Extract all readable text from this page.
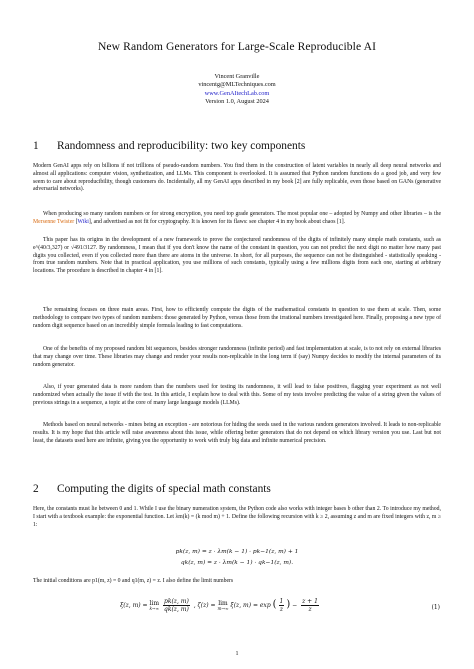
New Random Generators for Large-Scale Reproducible AI
Vincent Granville
vincentg@MLTechniques.com
www.GenAItechLab.com
Version 1.0, August 2024
1 Randomness and reproducibility: two key components
Modern GenAI apps rely on billions if not trillions of pseudo-random numbers. You find them in the construction of latent variables in nearly all deep neural networks and almost all applications: computer vision, synthetization, and LLMs. This component is overlooked. It is assumed that Python random functions do a good job, and very few seem to care about reproducibility, though customers do. Incidentally, all my GenAI apps described in my book [2] are fully replicable, even those based on GANs (generative adversarial networks).
When producing so many random numbers or for strong encryption, you need top grade generators. The most popular one – adopted by Numpy and other libraries – is the Mersenne Twister [Wiki], and advertised as not fit for cryptography. It is known for its flaws: see chapter 4 in my book about chaos [1].
This paper has its origins in the development of a new framework to prove the conjectured randomness of the digits of infinitely many simple math constants, such as e^(40/3,327) or √491/3127. By randomness, I mean that if you don't know the name of the constant in question, you can not predict the next digit no matter how many past digits you collected, even if you collected more than there are atoms in the universe. In short, for all purposes, the sequence can not be distinguished - statistically speaking - from true random numbers. Note that in practical application, you use millions of such constants, typically using a few millions digits from each one, starting at arbitrary locations. The procedure is described in chapter 4 in [1].
The remaining focuses on three main areas. First, how to efficiently compute the digits of the mathematical constants in question to use them at scale. Then, some methodology to compare two types of random numbers: those generated by Python, versus those from the irrational numbers investigated here. Finally, proposing a new type of random digit sequence based on an incredibly simple formula leading to fast computations.
One of the benefits of my proposed random bit sequences, besides stronger randomness (infinite period) and fast implementation at scale, is to not rely on external libraries that may change over time. These libraries may change and render your results non-replicable in the long term if (say) Numpy decides to modify the internal parameters of its random generator.
Also, if your generated data is more random than the numbers used for testing its randomness, it will lead to false positives, flagging your experiment as not well randomized when actually the issue if with the test. In this article, I explain how to deal with this. Some of my tests involve predicting the value of a string given the values of previous strings in a sequence, a topic at the core of many large language models (LLMs).
Methods based on neural networks - mines being an exception - are notorious for hiding the seeds used in the various random generators involved. It leads to non-replicable results. It is my hope that this article will raise awareness about this issue, while offering better generators that do not depend on which library version you use. Last but not least, the datasets used here are infinite, giving you the opportunity to work with truly big data and infinite numerical precision.
2 Computing the digits of special math constants
Here, the constants must lie between 0 and 1. While I use the binary numeration system, the Python code also works with integer bases b other than 2. To introduce my method, I start with a textbook example: the exponential function. Let λm(k) = (k mod m) + 1. Define the following recursion with k ≥ 2, assuming z and m are fixed integers with z, m ≥ 1:
pk(z, m) = z · λm(k − 1) · pk−1(z, m) + 1
qk(z, m) = z · λm(k − 1) · qk−1(z, m).
The initial conditions are p1(m, z) = 0 and q1(m, z) = z. I also define the limit numbers
ξ(z, m) = lim
k→∞
$\frac{pk(z, m)}{qk(z, m)}$ , ζ(z) = lim
m→∞ ξ(z, m) = exp ( $\frac{1}{z}$ ) − $\frac{z + 1}{z}$	(1)
1
